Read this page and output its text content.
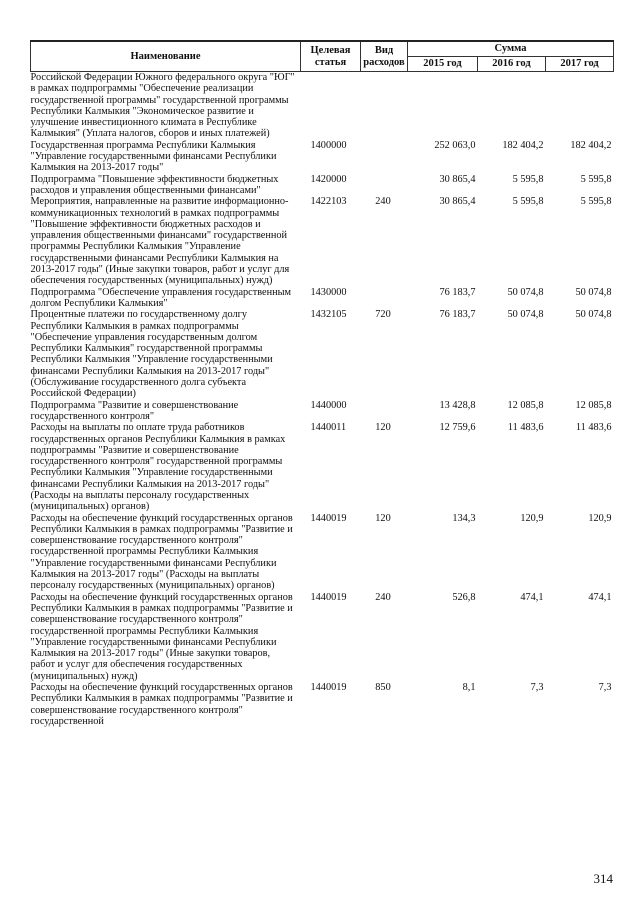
Наименование	Целевая статья	Вид расходов	Сумма		
			2015 год	2016 год	2017 год
Российской Федерации Южного федерального округа "ЮГ" в рамках подпрограммы "Обеспечение реализации государственной программы" государственной программы Республики Калмыкия "Экономическое развитие и улучшение инвестиционного климата в Республике Калмыкия" (Уплата налогов, сборов и иных платежей)					
Государственная программа Республики Калмыкия "Управление государственными финансами Республики Калмыкия на 2013-2017 годы"	1400000		252 063,0	182 404,2	182 404,2
Подпрограмма "Повышение эффективности бюджетных расходов и управления общественными финансами"	1420000		30 865,4	5 595,8	5 595,8
Мероприятия, направленные на развитие информационно-коммуникационных технологий в рамках подпрограммы "Повышение эффективности бюджетных расходов и управления общественными финансами" государственной программы Республики Калмыкия "Управление государственными финансами Республики Калмыкия на 2013-2017 годы" (Иные закупки товаров, работ и услуг для обеспечения государственных (муниципальных) нужд)	1422103	240	30 865,4	5 595,8	5 595,8
Подпрограмма "Обеспечение управления государственным долгом Республики Калмыкия"	1430000		76 183,7	50 074,8	50 074,8
Процентные платежи по государственному долгу Республики Калмыкия в рамках подпрограммы "Обеспечение управления государственным долгом Республики Калмыкия" государственной программы Республики Калмыкия "Управление государственными финансами Республики Калмыкия на 2013-2017 годы" (Обслуживание государственного долга субъекта Российской Федерации)	1432105	720	76 183,7	50 074,8	50 074,8
Подпрограмма "Развитие и совершенствование государственного контроля"	1440000		13 428,8	12 085,8	12 085,8
Расходы на выплаты по оплате труда работников государственных органов Республики Калмыкия в рамках подпрограммы "Развитие и совершенствование государственного контроля" государственной программы Республики Калмыкия "Управление государственными финансами Республики Калмыкия на 2013-2017 годы" (Расходы на выплаты персоналу государственных (муниципальных) органов)	1440011	120	12 759,6	11 483,6	11 483,6
Расходы на обеспечение функций государственных органов Республики Калмыкия в рамках подпрограммы "Развитие и совершенствование государственного контроля" государственной программы Республики Калмыкия "Управление государственными финансами Республики Калмыкия на 2013-2017 годы" (Расходы на выплаты персоналу государственных (муниципальных) органов)	1440019	120	134,3	120,9	120,9
Расходы на обеспечение функций государственных органов Республики Калмыкия в рамках подпрограммы "Развитие и совершенствование государственного контроля" государственной программы Республики Калмыкия "Управление государственными финансами Республики Калмыкия на 2013-2017 годы" (Иные закупки товаров, работ и услуг для обеспечения государственных (муниципальных) нужд)	1440019	240	526,8	474,1	474,1
Расходы на обеспечение функций государственных органов Республики Калмыкия в рамках подпрограммы "Развитие и совершенствование государственного контроля" государственной	1440019	850	8,1	7,3	7,3
314
